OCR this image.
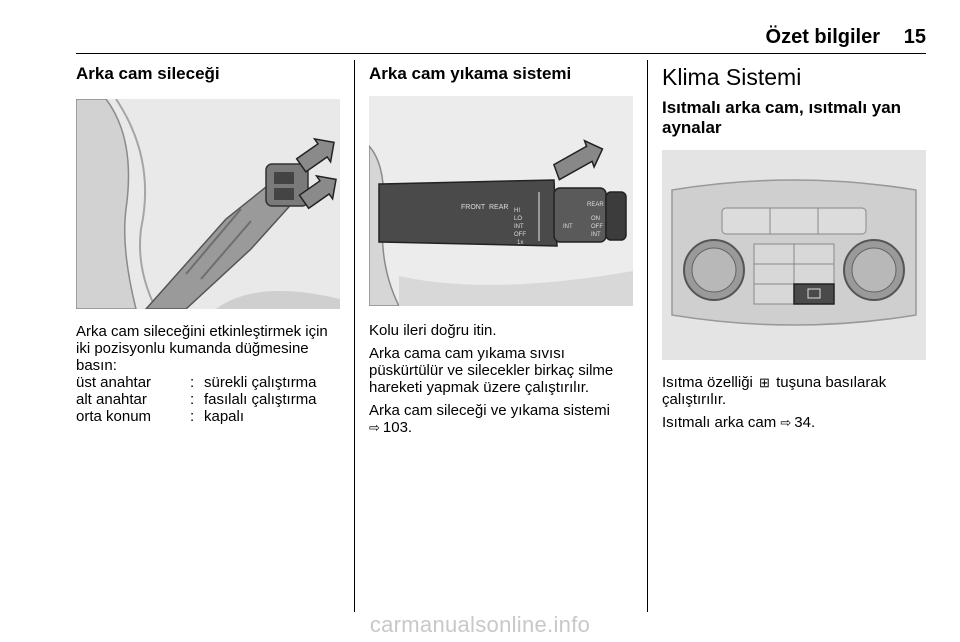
Özet bilgiler 15
Arka cam sileceği

Arka cam sileceğini etkinleştirmek için iki pozisyonlu kumanda düğmesine basın:

üst anahtar	:	sürekli çalıştırma
alt anahtar	:	fasılalı çalıştırma
orta konum	:	kapalı
Arka cam yıkama sistemi
FRONT REAR HI
LO
INT
OFF
1x
REAR
INT
ON
OFF
INT

Kolu ileri doğru itin.

Arka cama cam yıkama sıvısı püskürtülür ve silecekler birkaç silme hareketi yapmak üzere çalıştırılır.

Arka cam sileceği ve yıkama sistemi
⇨ 103.

Klima Sistemi
Isıtmalı arka cam, ısıtmalı yan aynalar

Isıtma özelliği ⊞ tuşuna basılarak çalıştırılır.

Isıtmalı arka cam ⇨ 34.

carmanualsonline.info
